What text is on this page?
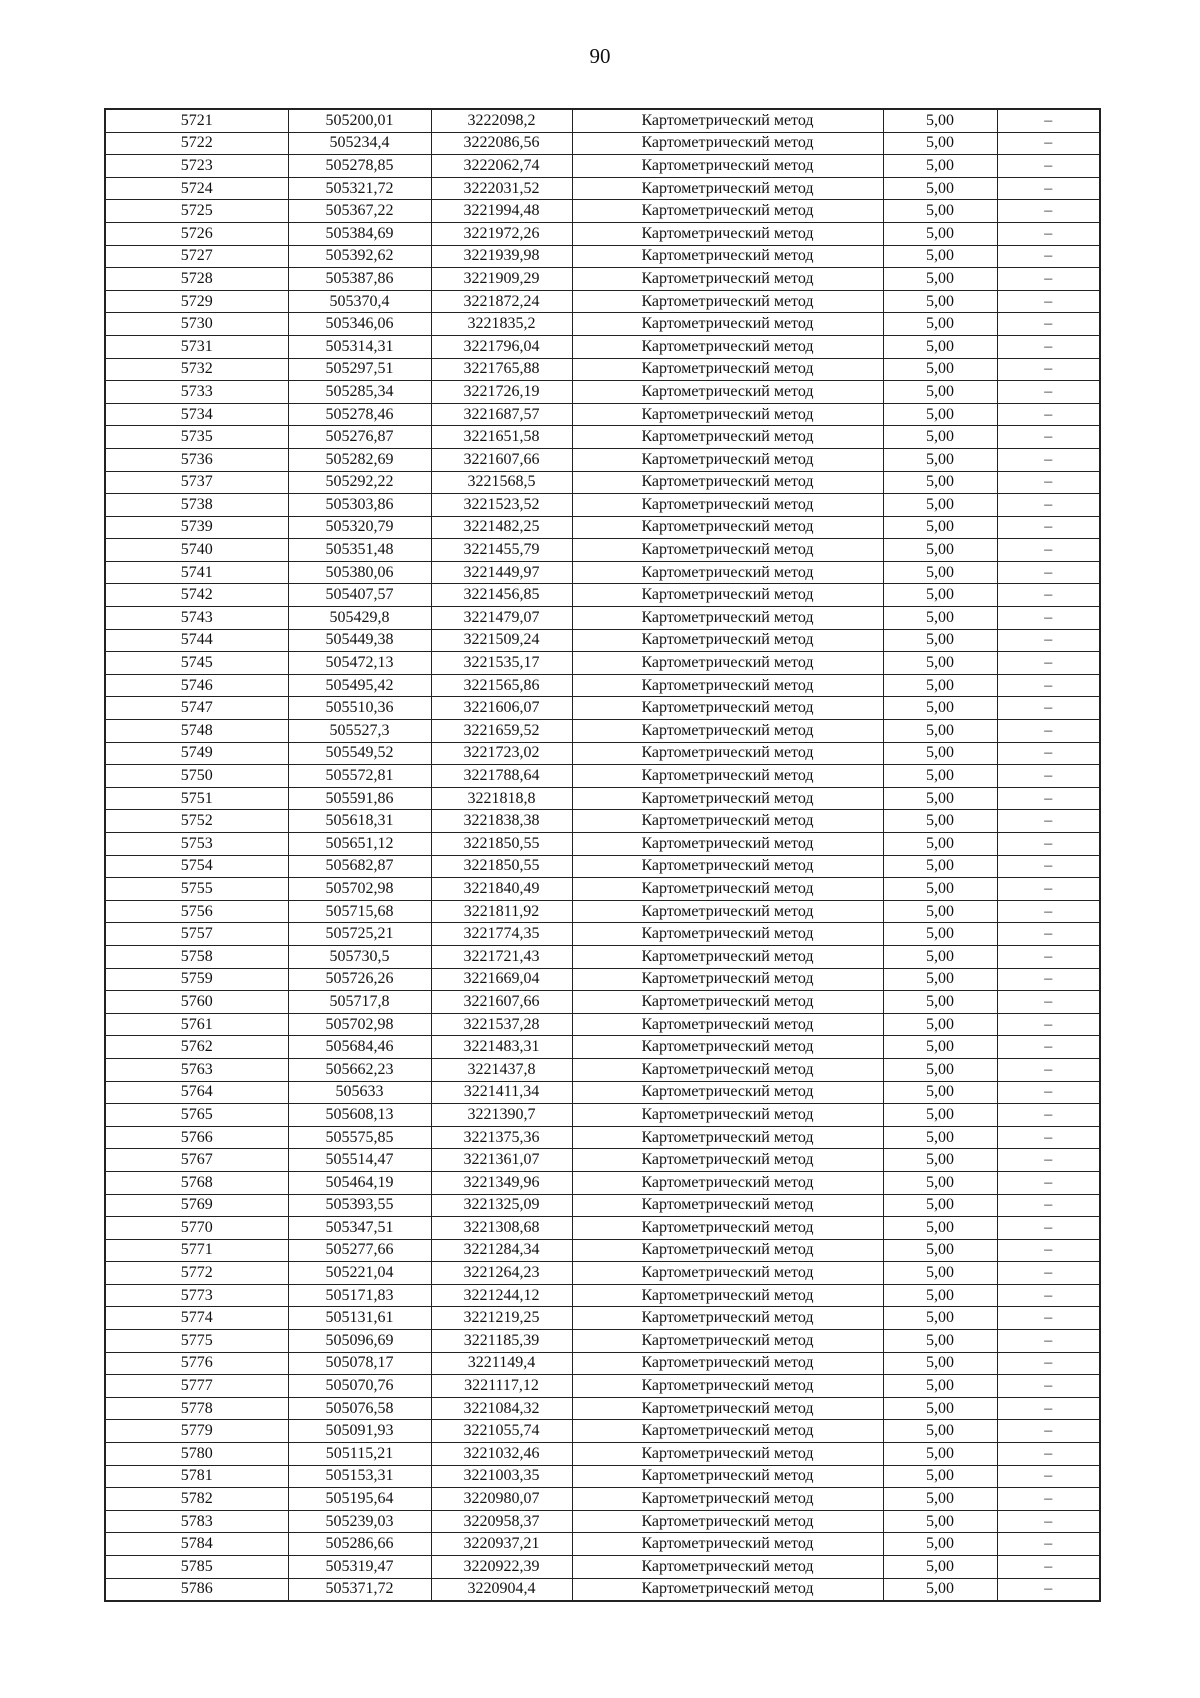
90
5721	505200,01	3222098,2	Картометрический метод	5,00	–
5722	505234,4	3222086,56	Картометрический метод	5,00	–
5723	505278,85	3222062,74	Картометрический метод	5,00	–
5724	505321,72	3222031,52	Картометрический метод	5,00	–
5725	505367,22	3221994,48	Картометрический метод	5,00	–
5726	505384,69	3221972,26	Картометрический метод	5,00	–
5727	505392,62	3221939,98	Картометрический метод	5,00	–
5728	505387,86	3221909,29	Картометрический метод	5,00	–
5729	505370,4	3221872,24	Картометрический метод	5,00	–
5730	505346,06	3221835,2	Картометрический метод	5,00	–
5731	505314,31	3221796,04	Картометрический метод	5,00	–
5732	505297,51	3221765,88	Картометрический метод	5,00	–
5733	505285,34	3221726,19	Картометрический метод	5,00	–
5734	505278,46	3221687,57	Картометрический метод	5,00	–
5735	505276,87	3221651,58	Картометрический метод	5,00	–
5736	505282,69	3221607,66	Картометрический метод	5,00	–
5737	505292,22	3221568,5	Картометрический метод	5,00	–
5738	505303,86	3221523,52	Картометрический метод	5,00	–
5739	505320,79	3221482,25	Картометрический метод	5,00	–
5740	505351,48	3221455,79	Картометрический метод	5,00	–
5741	505380,06	3221449,97	Картометрический метод	5,00	–
5742	505407,57	3221456,85	Картометрический метод	5,00	–
5743	505429,8	3221479,07	Картометрический метод	5,00	–
5744	505449,38	3221509,24	Картометрический метод	5,00	–
5745	505472,13	3221535,17	Картометрический метод	5,00	–
5746	505495,42	3221565,86	Картометрический метод	5,00	–
5747	505510,36	3221606,07	Картометрический метод	5,00	–
5748	505527,3	3221659,52	Картометрический метод	5,00	–
5749	505549,52	3221723,02	Картометрический метод	5,00	–
5750	505572,81	3221788,64	Картометрический метод	5,00	–
5751	505591,86	3221818,8	Картометрический метод	5,00	–
5752	505618,31	3221838,38	Картометрический метод	5,00	–
5753	505651,12	3221850,55	Картометрический метод	5,00	–
5754	505682,87	3221850,55	Картометрический метод	5,00	–
5755	505702,98	3221840,49	Картометрический метод	5,00	–
5756	505715,68	3221811,92	Картометрический метод	5,00	–
5757	505725,21	3221774,35	Картометрический метод	5,00	–
5758	505730,5	3221721,43	Картометрический метод	5,00	–
5759	505726,26	3221669,04	Картометрический метод	5,00	–
5760	505717,8	3221607,66	Картометрический метод	5,00	–
5761	505702,98	3221537,28	Картометрический метод	5,00	–
5762	505684,46	3221483,31	Картометрический метод	5,00	–
5763	505662,23	3221437,8	Картометрический метод	5,00	–
5764	505633	3221411,34	Картометрический метод	5,00	–
5765	505608,13	3221390,7	Картометрический метод	5,00	–
5766	505575,85	3221375,36	Картометрический метод	5,00	–
5767	505514,47	3221361,07	Картометрический метод	5,00	–
5768	505464,19	3221349,96	Картометрический метод	5,00	–
5769	505393,55	3221325,09	Картометрический метод	5,00	–
5770	505347,51	3221308,68	Картометрический метод	5,00	–
5771	505277,66	3221284,34	Картометрический метод	5,00	–
5772	505221,04	3221264,23	Картометрический метод	5,00	–
5773	505171,83	3221244,12	Картометрический метод	5,00	–
5774	505131,61	3221219,25	Картометрический метод	5,00	–
5775	505096,69	3221185,39	Картометрический метод	5,00	–
5776	505078,17	3221149,4	Картометрический метод	5,00	–
5777	505070,76	3221117,12	Картометрический метод	5,00	–
5778	505076,58	3221084,32	Картометрический метод	5,00	–
5779	505091,93	3221055,74	Картометрический метод	5,00	–
5780	505115,21	3221032,46	Картометрический метод	5,00	–
5781	505153,31	3221003,35	Картометрический метод	5,00	–
5782	505195,64	3220980,07	Картометрический метод	5,00	–
5783	505239,03	3220958,37	Картометрический метод	5,00	–
5784	505286,66	3220937,21	Картометрический метод	5,00	–
5785	505319,47	3220922,39	Картометрический метод	5,00	–
5786	505371,72	3220904,4	Картометрический метод	5,00	–
